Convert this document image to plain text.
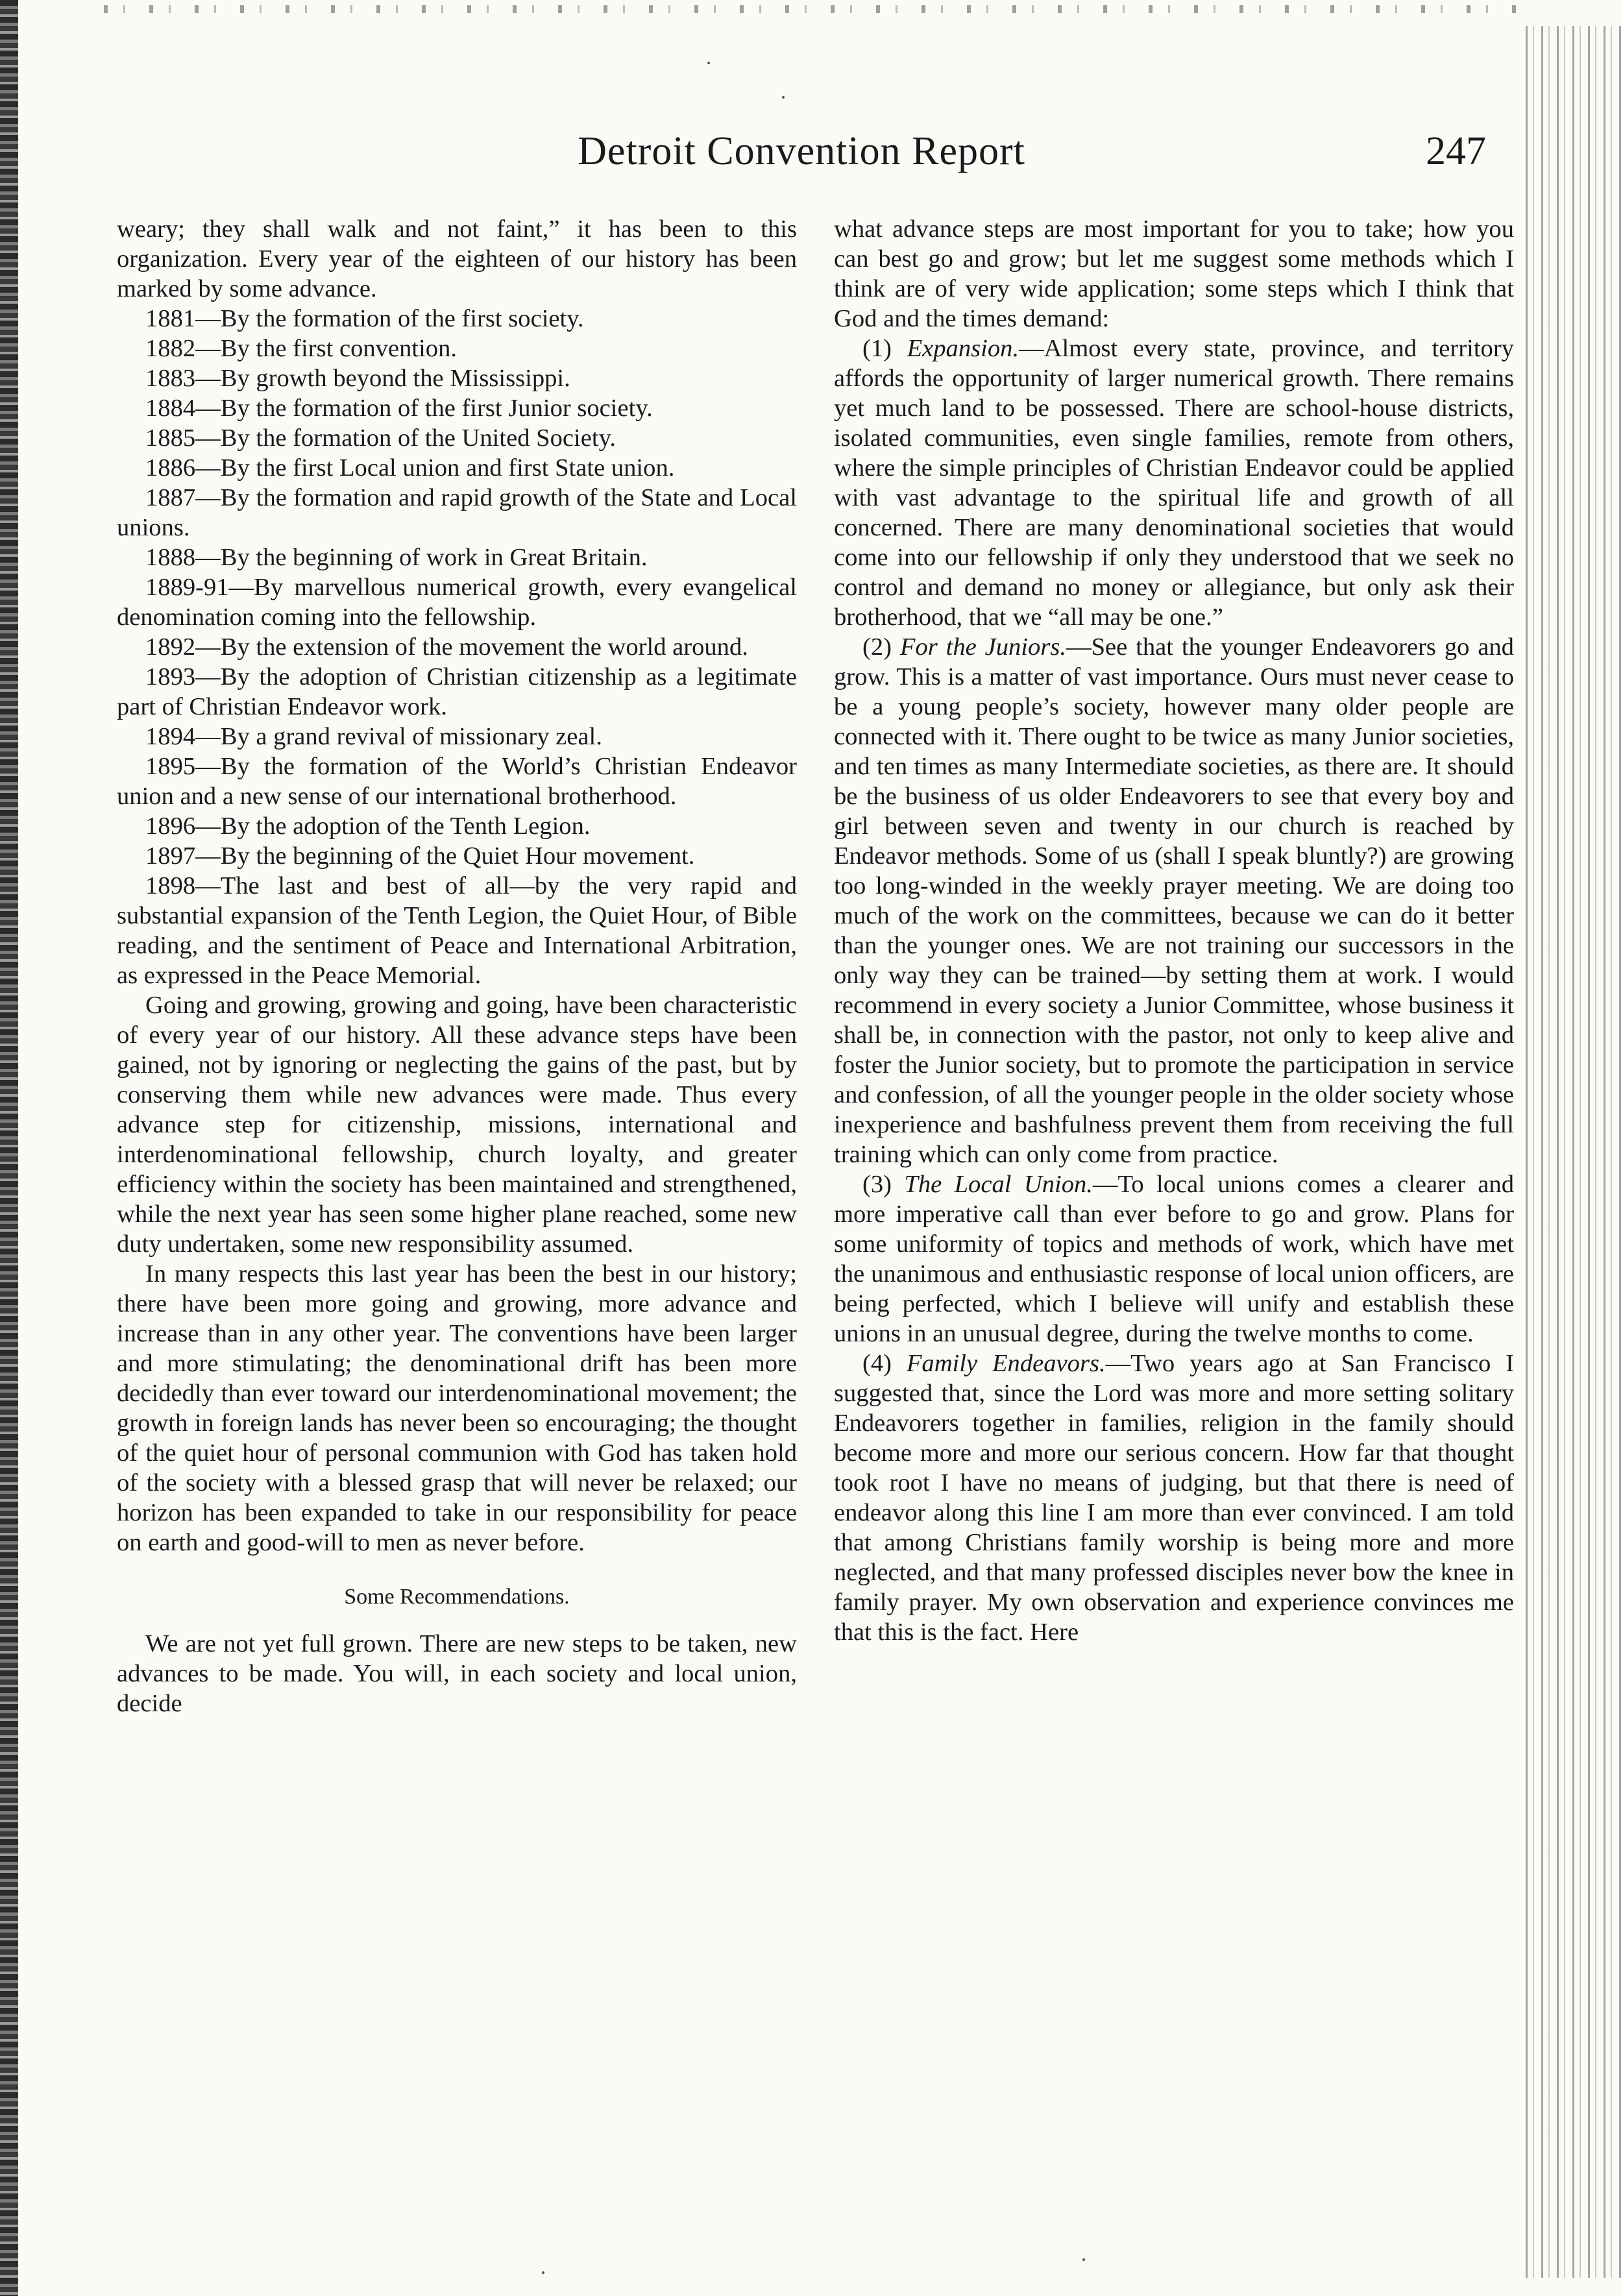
Detroit Convention Report	247

weary; they shall walk and not faint,” it has been to this organization. Every year of the eighteen of our history has been marked by some advance.

1881—By the formation of the first society.

1882—By the first convention.

1883—By growth beyond the Mississippi.

1884—By the formation of the first Junior society.

1885—By the formation of the United Society.

1886—By the first Local union and first State union.

1887—By the formation and rapid growth of the State and Local unions.

1888—By the beginning of work in Great Britain.

1889-91—By marvellous numerical growth, every evangelical denomination coming into the fellowship.

1892—By the extension of the movement the world around.

1893—By the adoption of Christian citizenship as a legitimate part of Christian Endeavor work.

1894—By a grand revival of missionary zeal.

1895—By the formation of the World’s Christian Endeavor union and a new sense of our international brotherhood.

1896—By the adoption of the Tenth Legion.

1897—By the beginning of the Quiet Hour movement.

1898—The last and best of all—by the very rapid and substantial expansion of the Tenth Legion, the Quiet Hour, of Bible reading, and the sentiment of Peace and International Arbitration, as expressed in the Peace Memorial.

Going and growing, growing and going, have been characteristic of every year of our history. All these advance steps have been gained, not by ignoring or neglecting the gains of the past, but by conserving them while new advances were made. Thus every advance step for citizenship, missions, international and interdenominational fellowship, church loyalty, and greater efficiency within the society has been maintained and strengthened, while the next year has seen some higher plane reached, some new duty undertaken, some new responsibility assumed.

In many respects this last year has been the best in our history; there have been more going and growing, more advance and increase than in any other year. The conventions have been larger and more stimulating; the denominational drift has been more decidedly than ever toward our interdenominational movement; the growth in foreign lands has never been so encouraging; the thought of the quiet hour of personal communion with God has taken hold of the society with a blessed grasp that will never be relaxed; our horizon has been expanded to take in our responsibility for peace on earth and good-will to men as never before.

Some Recommendations.

We are not yet full grown. There are new steps to be taken, new advances to be made. You will, in each society and local union, decide

what advance steps are most important for you to take; how you can best go and grow; but let me suggest some methods which I think are of very wide application; some steps which I think that God and the times demand:

(1) Expansion.—Almost every state, province, and territory affords the opportunity of larger numerical growth. There remains yet much land to be possessed. There are school-house districts, isolated communities, even single families, remote from others, where the simple principles of Christian Endeavor could be applied with vast advantage to the spiritual life and growth of all concerned. There are many denominational societies that would come into our fellowship if only they understood that we seek no control and demand no money or allegiance, but only ask their brotherhood, that we “all may be one.”

(2) For the Juniors.—See that the younger Endeavorers go and grow. This is a matter of vast importance. Ours must never cease to be a young people’s society, however many older people are connected with it. There ought to be twice as many Junior societies, and ten times as many Intermediate societies, as there are. It should be the business of us older Endeavorers to see that every boy and girl between seven and twenty in our church is reached by Endeavor methods. Some of us (shall I speak bluntly?) are growing too long-winded in the weekly prayer meeting. We are doing too much of the work on the committees, because we can do it better than the younger ones. We are not training our successors in the only way they can be trained—by setting them at work. I would recommend in every society a Junior Committee, whose business it shall be, in connection with the pastor, not only to keep alive and foster the Junior society, but to promote the participation in service and confession, of all the younger people in the older society whose inexperience and bashfulness prevent them from receiving the full training which can only come from practice.

(3) The Local Union.—To local unions comes a clearer and more imperative call than ever before to go and grow. Plans for some uniformity of topics and methods of work, which have met the unanimous and enthusiastic response of local union officers, are being perfected, which I believe will unify and establish these unions in an unusual degree, during the twelve months to come.

(4) Family Endeavors.—Two years ago at San Francisco I suggested that, since the Lord was more and more setting solitary Endeavorers together in families, religion in the family should become more and more our serious concern. How far that thought took root I have no means of judging, but that there is need of endeavor along this line I am more than ever convinced. I am told that among Christians family worship is being more and more neglected, and that many professed disciples never bow the knee in family prayer. My own observation and experience convinces me that this is the fact. Here
